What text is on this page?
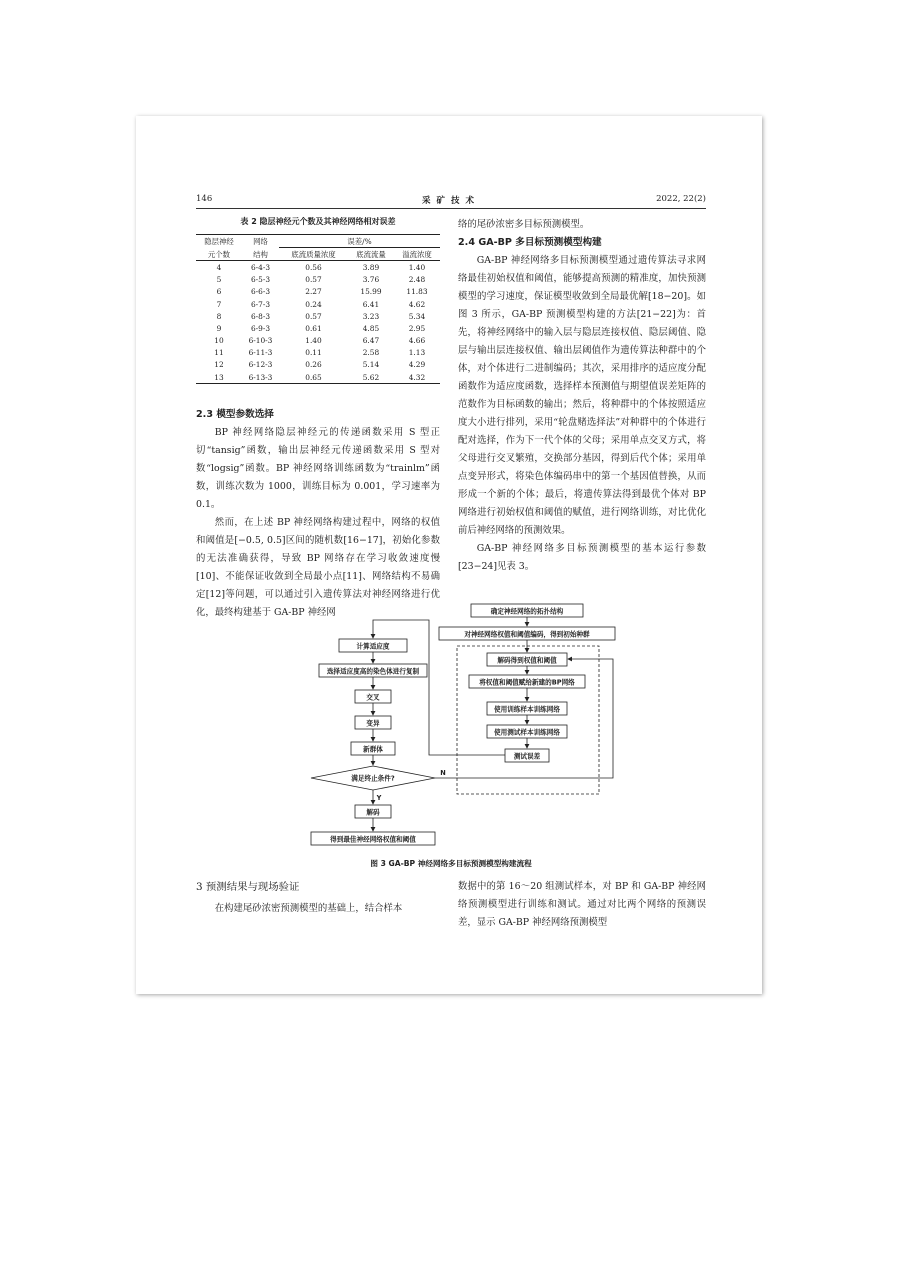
146	采矿技术	2022, 22(2)
表 2 隐层神经元个数及其神经网络相对误差
隐层神经	网络	误差/%		
元个数	结构	底流质量浓度	底流流量	溢流浓度
4	6-4-3	0.56	3.89	1.40
5	6-5-3	0.57	3.76	2.48
6	6-6-3	2.27	15.99	11.83
7	6-7-3	0.24	6.41	4.62
8	6-8-3	0.57	3.23	5.34
9	6-9-3	0.61	4.85	2.95
10	6-10-3	1.40	6.47	4.66
11	6-11-3	0.11	2.58	1.13
12	6-12-3	0.26	5.14	4.29
13	6-13-3	0.65	5.62	4.32
2.3 模型参数选择

BP 神经网络隐层神经元的传递函数采用 S 型正切“tansig”函数，输出层神经元传递函数采用 S 型对数“logsig”函数。BP 神经网络训练函数为“trainlm”函数，训练次数为 1000，训练目标为 0.001，学习速率为 0.1。

然而，在上述 BP 神经网络构建过程中，网络的权值和阈值是[−0.5, 0.5]区间的随机数[16−17]，初始化参数的无法准确获得，导致 BP 网络存在学习收敛速度慢[10]、不能保证收敛到全局最小点[11]、网络结构不易确定[12]等问题，可以通过引入遗传算法对神经网络进行优化，最终构建基于 GA-BP 神经网

络的尾砂浓密多目标预测模型。

2.4 GA-BP 多目标预测模型构建

GA-BP 神经网络多目标预测模型通过遗传算法寻求网络最佳初始权值和阈值，能够提高预测的精准度，加快预测模型的学习速度，保证模型收敛到全局最优解[18−20]。如图 3 所示，GA-BP 预测模型构建的方法[21−22]为：首先，将神经网络中的输入层与隐层连接权值、隐层阈值、隐层与输出层连接权值、输出层阈值作为遗传算法种群中的个体，对个体进行二进制编码；其次，采用排序的适应度分配函数作为适应度函数，选择样本预测值与期望值误差矩阵的范数作为目标函数的输出；然后，将种群中的个体按照适应度大小进行排列，采用“轮盘赌选择法”对种群中的个体进行配对选择，作为下一代个体的父母；采用单点交叉方式，将父母进行交叉繁殖，交换部分基因，得到后代个体；采用单点变异形式，将染色体编码串中的第一个基因值替换，从而形成一个新的个体；最后，将遗传算法得到最优个体对 BP 网络进行初始权值和阈值的赋值，进行网络训练，对比优化前后神经网络的预测效果。

GA-BP 神经网络多目标预测模型的基本运行参数[23−24]见表 3。

确定神经网络的拓扑结构
对神经网络权值和阈值编码，得到初始种群
解码得到权值和阈值
将权值和阈值赋给新建的BP网络
使用训练样本训练网络
使用测试样本训练网络
测试误差
计算适应度
选择适应度高的染色体进行复制
交叉
变异
新群体
满足终止条件?
N
Y
解码
得到最佳神经网络权值和阈值
图 3 GA-BP 神经网络多目标预测模型构建流程
3 预测结果与现场验证

在构建尾砂浓密预测模型的基础上，结合样本

数据中的第 16～20 组测试样本，对 BP 和 GA-BP 神经网络预测模型进行训练和测试。通过对比两个网络的预测误差，显示 GA-BP 神经网络预测模型
